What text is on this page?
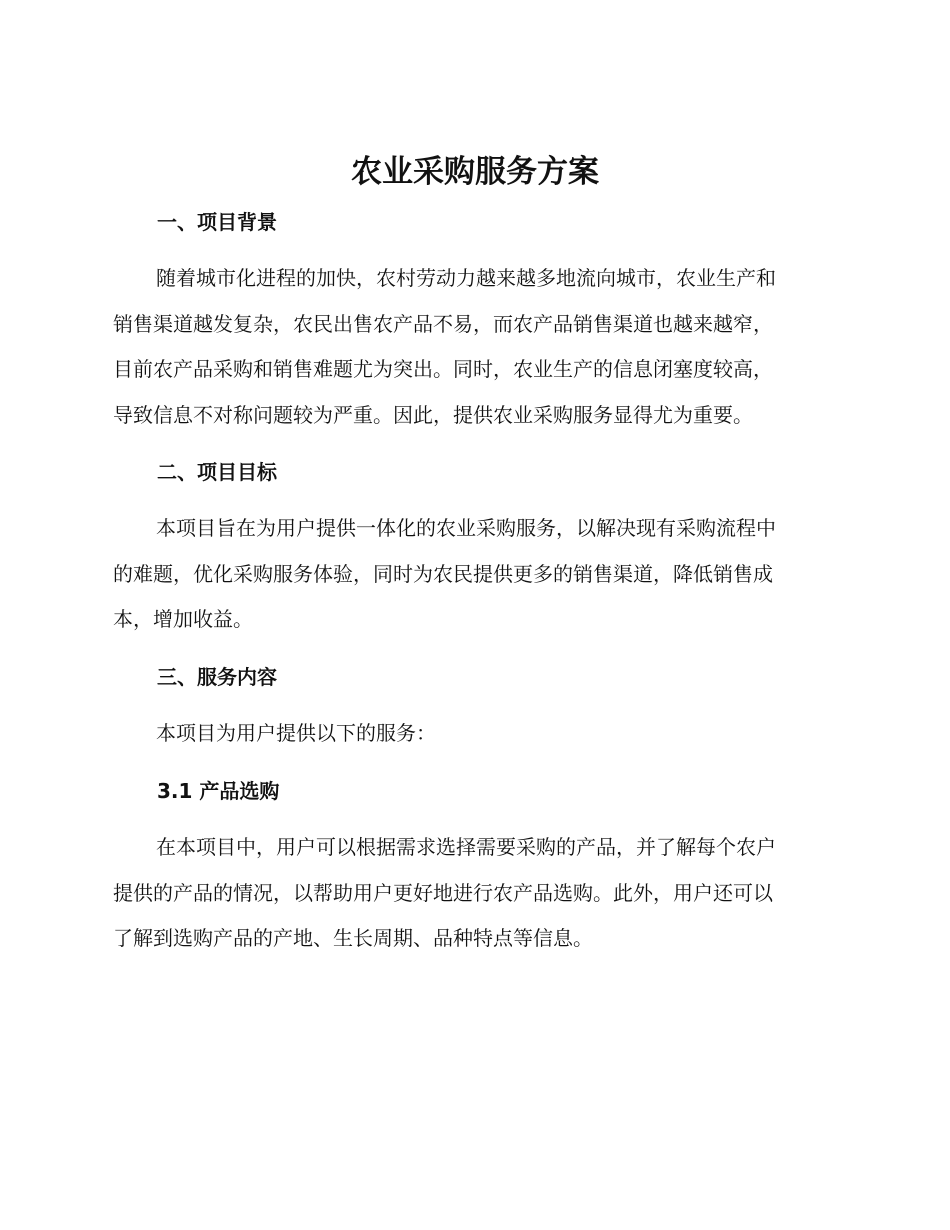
农业采购服务方案
一、项目背景

随着城市化进程的加快，农村劳动力越来越多地流向城市，农业生产和
销售渠道越发复杂，农民出售农产品不易，而农产品销售渠道也越来越窄，
目前农产品采购和销售难题尤为突出。同时，农业生产的信息闭塞度较高，
导致信息不对称问题较为严重。因此，提供农业采购服务显得尤为重要。

二、项目目标

本项目旨在为用户提供一体化的农业采购服务，以解决现有采购流程中
的难题，优化采购服务体验，同时为农民提供更多的销售渠道，降低销售成
本，增加收益。

三、服务内容

本项目为用户提供以下的服务：

3.1 产品选购

在本项目中，用户可以根据需求选择需要采购的产品，并了解每个农户
提供的产品的情况，以帮助用户更好地进行农产品选购。此外，用户还可以
了解到选购产品的产地、生长周期、品种特点等信息。
